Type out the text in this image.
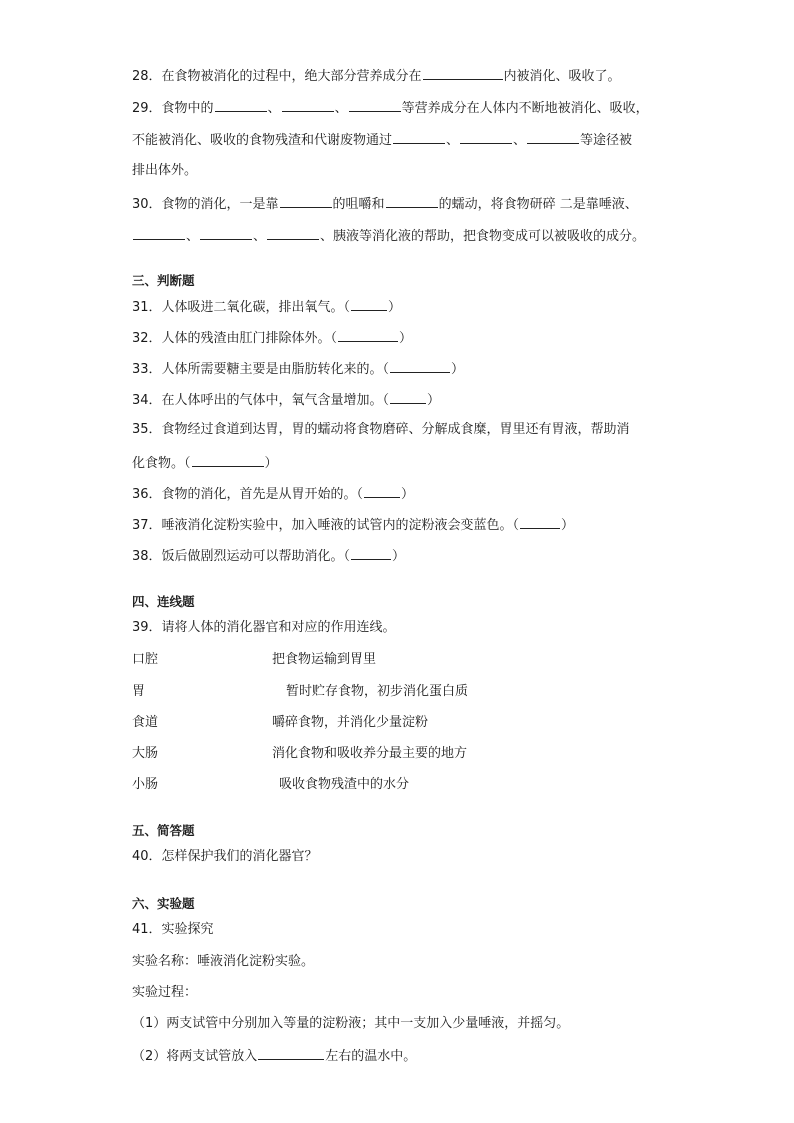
28．在食物被消化的过程中，绝大部分营养成分在	内被消化、吸收了。
29．食物中的	、	、	等营养成分在人体内不断地被消化、吸收，
不能被消化、吸收的食物残渣和代谢废物通过	、	、	等途径被
排出体外。
30．食物的消化，一是靠	的咀嚼和	的蠕动，将食物研碎 二是靠唾液、
、	、	、胰液等消化液的帮助，把食物变成可以被吸收的成分。
三、判断题
31．人体吸进二氧化碳，排出氧气。（	）
32．人体的残渣由肛门排除体外。（	）
33．人体所需要糖主要是由脂肪转化来的。（	）
34．在人体呼出的气体中，氧气含量增加。（	）
35．食物经过食道到达胃，胃的蠕动将食物磨碎、分解成食糜，胃里还有胃液，帮助消
化食物。（	）
36．食物的消化，首先是从胃开始的。（	）
37．唾液消化淀粉实验中，加入唾液的试管内的淀粉液会变蓝色。（	）
38．饭后做剧烈运动可以帮助消化。（	）
四、连线题
39．请将人体的消化器官和对应的作用连线。
口腔	把食物运输到胃里
胃	暂时贮存食物，初步消化蛋白质
食道	嚼碎食物，并消化少量淀粉
大肠	消化食物和吸收养分最主要的地方
小肠	吸收食物残渣中的水分
五、简答题
40．怎样保护我们的消化器官？
六、实验题
41．实验探究
实验名称：唾液消化淀粉实验。
实验过程：
（1）两支试管中分别加入等量的淀粉液；其中一支加入少量唾液，并摇匀。
（2）将两支试管放入	左右的温水中。
